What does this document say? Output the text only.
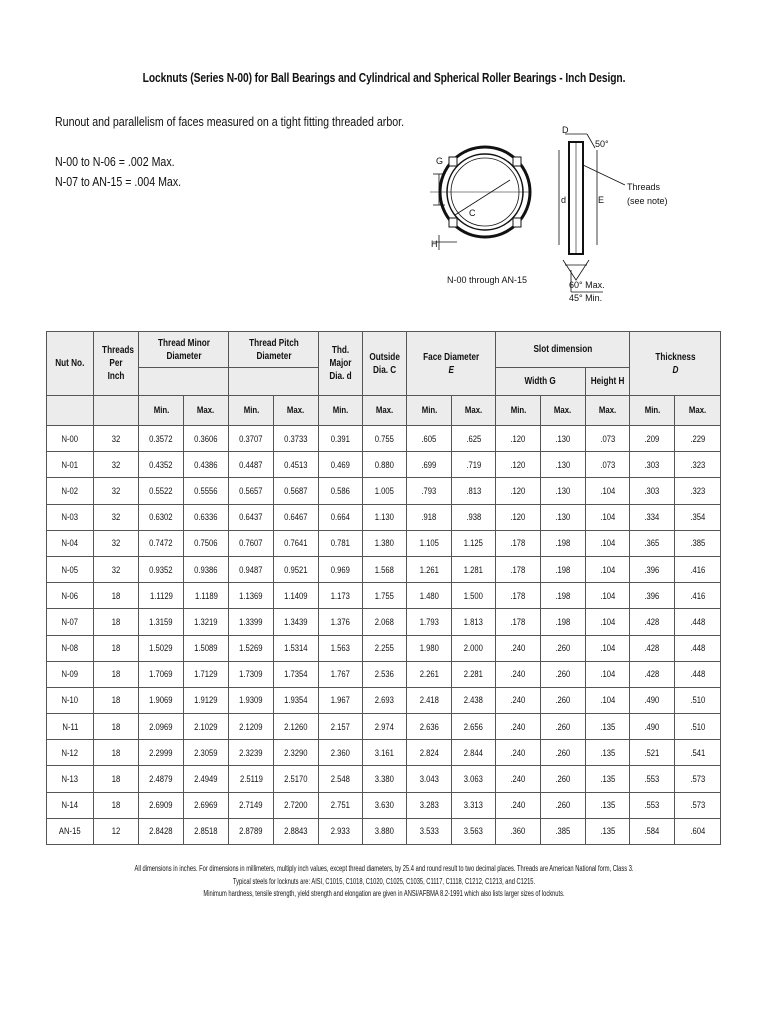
Locknuts (Series N-00) for Ball Bearings and Cylindrical and Spherical Roller Bearings - Inch Design.
Runout and parallelism of faces measured on a tight fitting threaded arbor.
N-00 to N-06 = .002 Max.
N-07 to AN-15 = .004 Max.
G
C
H
N-00 through AN-15
D
50°
Threads
(see note)
d	E
60° Max.
45° Min.
Nut No.	Threads Per Inch	Thread Minor Diameter		Thread Pitch Diameter		Thd. Major
Dia. d	Outside
Dia. C	Face Diameter
E		Slot dimension			Thickness
D	
										Width G		Height H		
		Min.	Max.	Min.	Max.	Min.	Max.	Min.	Max.	Min.	Max.	Max.	Min.	Max.
N-00	32	0.3572	0.3606	0.3707	0.3733	0.391	0.755	.605	.625	.120	.130	.073	.209	.229
N-01	32	0.4352	0.4386	0.4487	0.4513	0.469	0.880	.699	.719	.120	.130	.073	.303	.323
N-02	32	0.5522	0.5556	0.5657	0.5687	0.586	1.005	.793	.813	.120	.130	.104	.303	.323
N-03	32	0.6302	0.6336	0.6437	0.6467	0.664	1.130	.918	.938	.120	.130	.104	.334	.354
N-04	32	0.7472	0.7506	0.7607	0.7641	0.781	1.380	1.105	1.125	.178	.198	.104	.365	.385
N-05	32	0.9352	0.9386	0.9487	0.9521	0.969	1.568	1.261	1.281	.178	.198	.104	.396	.416
N-06	18	1.1129	1.1189	1.1369	1.1409	1.173	1.755	1.480	1.500	.178	.198	.104	.396	.416
N-07	18	1.3159	1.3219	1.3399	1.3439	1.376	2.068	1.793	1.813	.178	.198	.104	.428	.448
N-08	18	1.5029	1.5089	1.5269	1.5314	1.563	2.255	1.980	2.000	.240	.260	.104	.428	.448
N-09	18	1.7069	1.7129	1.7309	1.7354	1.767	2.536	2.261	2.281	.240	.260	.104	.428	.448
N-10	18	1.9069	1.9129	1.9309	1.9354	1.967	2.693	2.418	2.438	.240	.260	.104	.490	.510
N-11	18	2.0969	2.1029	2.1209	2.1260	2.157	2.974	2.636	2.656	.240	.260	.135	.490	.510
N-12	18	2.2999	2.3059	2.3239	2.3290	2.360	3.161	2.824	2.844	.240	.260	.135	.521	.541
N-13	18	2.4879	2.4949	2.5119	2.5170	2.548	3.380	3.043	3.063	.240	.260	.135	.553	.573
N-14	18	2.6909	2.6969	2.7149	2.7200	2.751	3.630	3.283	3.313	.240	.260	.135	.553	.573
AN-15	12	2.8428	2.8518	2.8789	2.8843	2.933	3.880	3.533	3.563	.360	.385	.135	.584	.604
All dimensions in inches. For dimensions in millimeters, multiply inch values, except thread diameters, by 25.4 and round result to two decimal places. Threads are American National form, Class 3.
Typical steels for locknuts are: AISI, C1015, C1018, C1020, C1025, C1035, C1117, C1118, C1212, C1213, and C1215.
Minimum hardness, tensile strength, yield strength and elongation are given in ANSI/AFBMA 8.2-1991 which also lists larger sizes of locknuts.
